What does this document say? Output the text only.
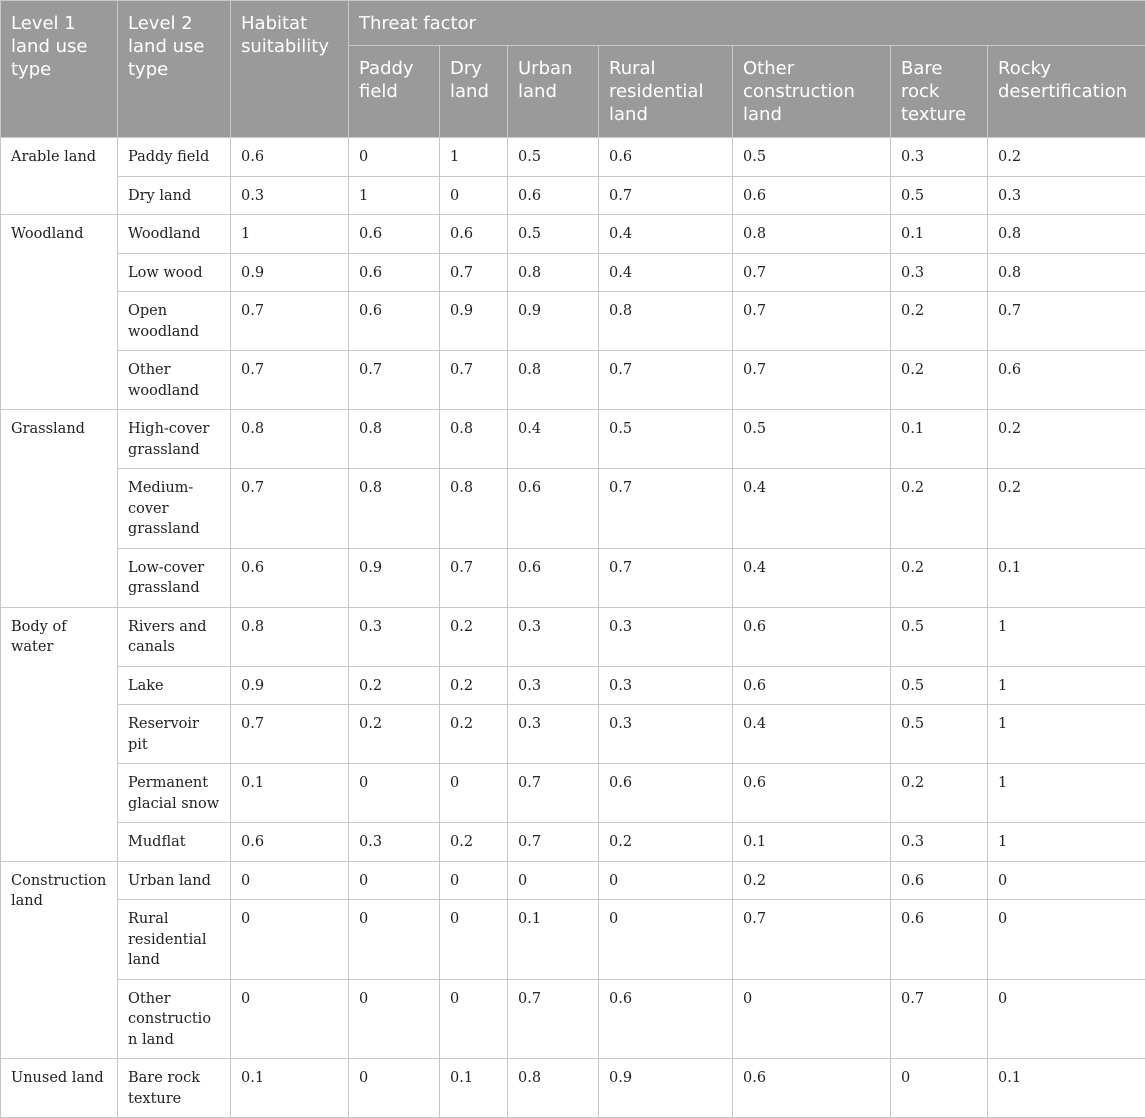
Level 1 land use type	Level 2 land use type	Habitat suitability	Threat factor						
			Paddy field	Dry land	Urban land	Rural residential land	Other construction land	Bare rock texture	Rocky desertification
Arable land	Paddy field	0.6	0	1	0.5	0.6	0.5	0.3	0.2
	Dry land	0.3	1	0	0.6	0.7	0.6	0.5	0.3
Woodland	Woodland	1	0.6	0.6	0.5	0.4	0.8	0.1	0.8
	Low wood	0.9	0.6	0.7	0.8	0.4	0.7	0.3	0.8
	Open woodland	0.7	0.6	0.9	0.9	0.8	0.7	0.2	0.7
	Other woodland	0.7	0.7	0.7	0.8	0.7	0.7	0.2	0.6
Grassland	High-cover grassland	0.8	0.8	0.8	0.4	0.5	0.5	0.1	0.2
	Medium-cover grassland	0.7	0.8	0.8	0.6	0.7	0.4	0.2	0.2
	Low-cover grassland	0.6	0.9	0.7	0.6	0.7	0.4	0.2	0.1
Body of water	Rivers and canals	0.8	0.3	0.2	0.3	0.3	0.6	0.5	1
	Lake	0.9	0.2	0.2	0.3	0.3	0.6	0.5	1
	Reservoir pit	0.7	0.2	0.2	0.3	0.3	0.4	0.5	1
	Permanent glacial snow	0.1	0	0	0.7	0.6	0.6	0.2	1
	Mudflat	0.6	0.3	0.2	0.7	0.2	0.1	0.3	1
Construction land	Urban land	0	0	0	0	0	0.2	0.6	0
	Rural residential land	0	0	0	0.1	0	0.7	0.6	0
	Other construction land	0	0	0	0.7	0.6	0	0.7	0
Unused land	Bare rock texture	0.1	0	0.1	0.8	0.9	0.6	0	0.1
